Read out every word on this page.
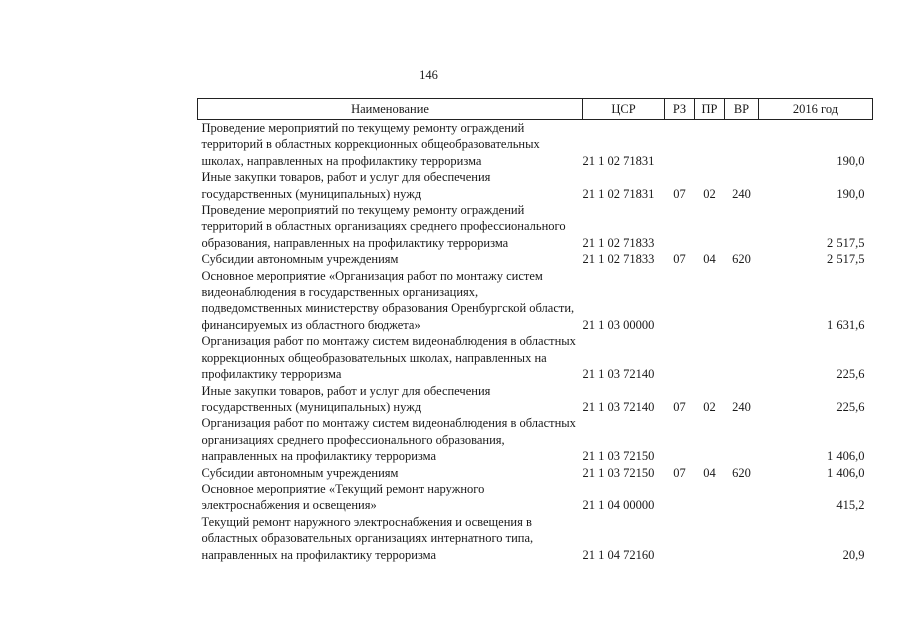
146
Наименование	ЦСР	РЗ	ПР	ВР	2016 год
Проведение мероприятий по текущему ремонту ограждений территорий в областных коррекционных общеобразовательных школах, направленных на профилактику терроризма	21 1 02 71831				190,0
Иные закупки товаров, работ и услуг для обеспечения государственных (муниципальных) нужд	21 1 02 71831	07	02	240	190,0
Проведение мероприятий по текущему ремонту ограждений территорий в областных организациях среднего профессионального образования, направленных на профилактику терроризма	21 1 02 71833				2 517,5
Субсидии автономным учреждениям	21 1 02 71833	07	04	620	2 517,5
Основное мероприятие «Организация работ по монтажу систем видеонаблюдения в государственных организациях, подведомственных министерству образования Оренбургской области, финансируемых из областного бюджета»	21 1 03 00000				1 631,6
Организация работ по монтажу систем видеонаблюдения в областных коррекционных общеобразовательных школах, направленных на профилактику терроризма	21 1 03 72140				225,6
Иные закупки товаров, работ и услуг для обеспечения государственных (муниципальных) нужд	21 1 03 72140	07	02	240	225,6
Организация работ по монтажу систем видеонаблюдения в областных организациях среднего профессионального образования, направленных на профилактику терроризма	21 1 03 72150				1 406,0
Субсидии автономным учреждениям	21 1 03 72150	07	04	620	1 406,0
Основное мероприятие «Текущий ремонт наружного электроснабжения и освещения»	21 1 04 00000				415,2
Текущий ремонт наружного электроснабжения и освещения в областных образовательных организациях интернатного типа, направленных на профилактику терроризма	21 1 04 72160				20,9
